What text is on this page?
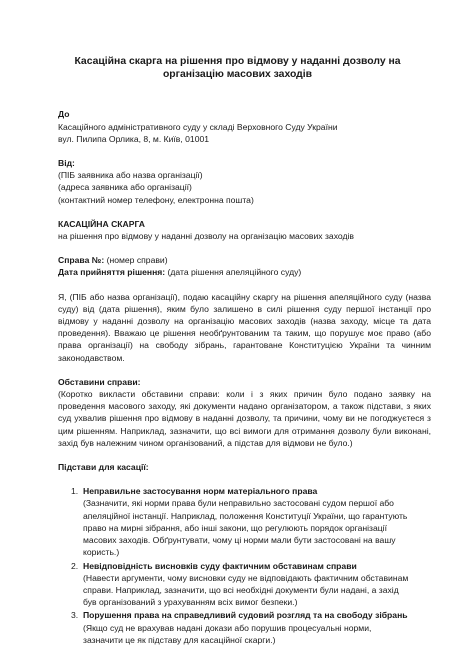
Касаційна скарга на рішення про відмову у наданні дозволу на організацію масових заходів
До
Касаційного адміністративного суду у складі Верховного Суду України
вул. Пилипа Орлика, 8, м. Київ, 01001
Від:
(ПІБ заявника або назва організації)
(адреса заявника або організації)
(контактний номер телефону, електронна пошта)
КАСАЦІЙНА СКАРГА
на рішення про відмову у наданні дозволу на організацію масових заходів
Справа №: (номер справи)
Дата прийняття рішення: (дата рішення апеляційного суду)
Я, (ПІБ або назва організації), подаю касаційну скаргу на рішення апеляційного суду (назва суду) від (дата рішення), яким було залишено в силі рішення суду першої інстанції про відмову у наданні дозволу на організацію масових заходів (назва заходу, місце та дата проведення). Вважаю це рішення необґрунтованим та таким, що порушує моє право (або права організації) на свободу зібрань, гарантоване Конституцією України та чинним законодавством.
Обставини справи:
(Коротко викласти обставини справи: коли і з яких причин було подано заявку на проведення масового заходу, які документи надано організатором, а також підстави, з яких суд ухвалив рішення про відмову в наданні дозволу, та причини, чому ви не погоджуєтеся з цим рішенням. Наприклад, зазначити, що всі вимоги для отримання дозволу були виконані, захід був належним чином організований, а підстав для відмови не було.)
Підстави для касації:
1. Неправильне застосування норм матеріального права
(Зазначити, які норми права були неправильно застосовані судом першої або апеляційної інстанції. Наприклад, положення Конституції України, що гарантують право на мирні зібрання, або інші закони, що регулюють порядок організації масових заходів. Обґрунтувати, чому ці норми мали бути застосовані на вашу користь.)
2. Невідповідність висновків суду фактичним обставинам справи
(Навести аргументи, чому висновки суду не відповідають фактичним обставинам справи. Наприклад, зазначити, що всі необхідні документи були надані, а захід був організований з урахуванням всіх вимог безпеки.)
3. Порушення права на справедливий судовий розгляд та на свободу зібрань
(Якщо суд не врахував надані докази або порушив процесуальні норми, зазначити це як підставу для касаційної скарги.)
